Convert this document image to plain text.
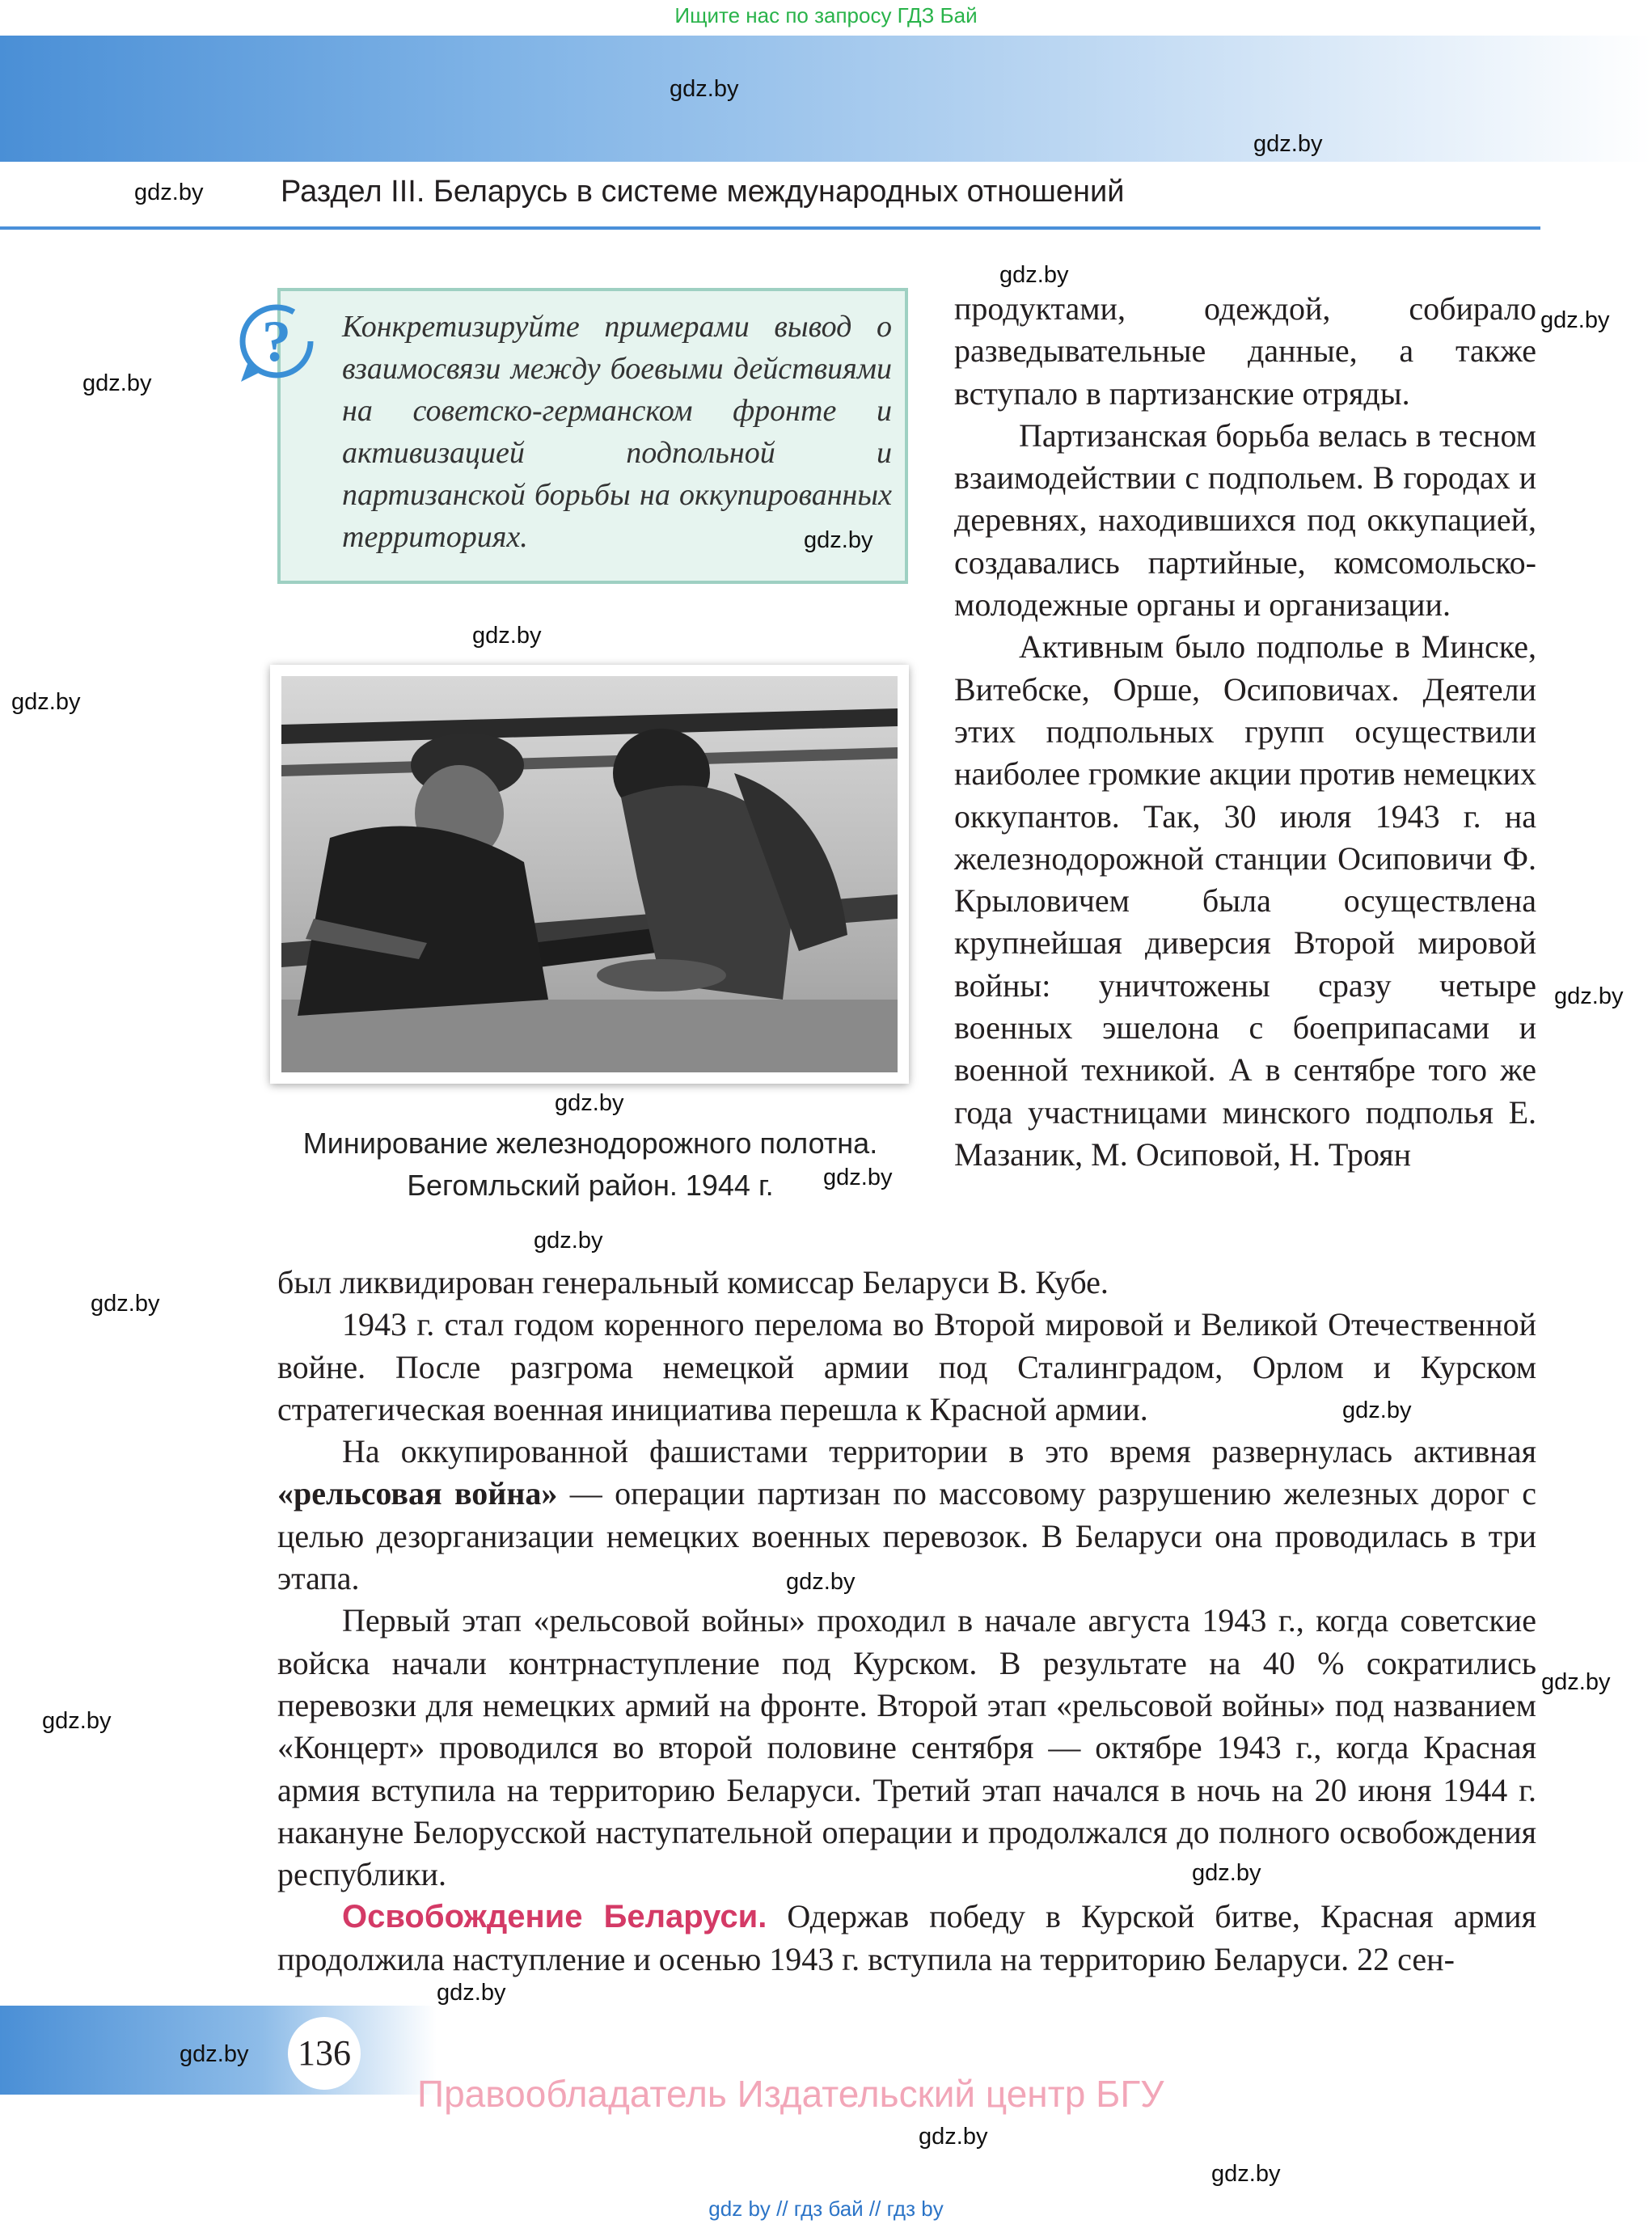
Ищите нас по запросу ГДЗ Бай
Раздел III. Беларусь в системе международных отношений
? Конкретизируйте примерами вывод о взаимосвязи между боевыми действиями на советско-германском фронте и активизацией подпольной и партизанской борьбы на оккупированных территориях.
Минирование железнодорожного полотна.
Бегомльский район. 1944 г.

продуктами, одеждой, собирало разведывательные данные, а также вступало в партизанские отряды.

Партизанская борьба велась в тесном взаимодействии с подпольем. В городах и деревнях, находившихся под оккупацией, создавались партийные, комсомольско-молодежные органы и организации.

Активным было подполье в Минске, Витебске, Орше, Осиповичах. Деятели этих подпольных групп осуществили наиболее громкие акции против немецких оккупантов. Так, 30 июля 1943 г. на железнодорожной станции Осиповичи Ф. Крыловичем была осуществлена крупнейшая диверсия Второй мировой войны: уничтожены сразу четыре военных эшелона с боеприпасами и военной техникой. А в сентябре того же года участницами минского подполья Е. Мазаник, М. Осиповой, Н. Троян

был ликвидирован генеральный комиссар Беларуси В. Кубе.

1943 г. стал годом коренного перелома во Второй мировой и Великой Отечественной войне. После разгрома немецкой армии под Сталинградом, Орлом и Курском стратегическая военная инициатива перешла к Красной армии.

На оккупированной фашистами территории в это время развернулась активная «рельсовая война» — операции партизан по массовому разрушению железных дорог с целью дезорганизации немецких военных перевозок. В Беларуси она проводилась в три этапа.

Первый этап «рельсовой войны» проходил в начале августа 1943 г., когда советские войска начали контрнаступление под Курском. В результате на 40 % сократились перевозки для немецких армий на фронте. Второй этап «рельсовой войны» под названием «Концерт» проводился во второй половине сентября — октябре 1943 г., когда Красная армия вступила на территорию Беларуси. Третий этап начался в ночь на 20 июня 1944 г. накануне Белорусской наступательной операции и продолжался до полного освобождения республики.

Освобождение Беларуси. Одержав победу в Курской битве, Красная армия продолжила наступление и осенью 1943 г. вступила на территорию Беларуси. 22 сен-

136
Правообладатель Издательский центр БГУ
gdz by // гдз бай // гдз by
gdz.by
gdz.by
gdz.by
gdz.by
gdz.by
gdz.by
gdz.by
gdz.by
gdz.by
gdz.by
gdz.by
gdz.by
gdz.by
gdz.by
gdz.by
gdz.by
gdz.by
gdz.by
gdz.by
gdz.by
gdz.by
gdz.by
gdz.by
